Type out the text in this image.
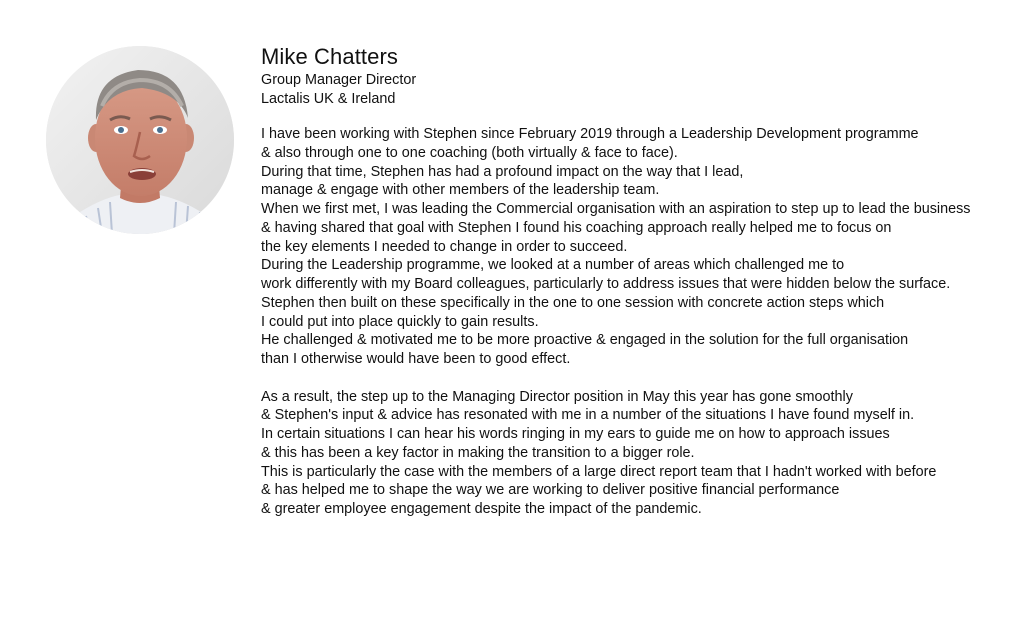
Mike Chatters
Group Manager Director
Lactalis UK & Ireland
I have been working with Stephen since February 2019 through a Leadership Development programme
& also through one to one coaching (both virtually & face to face).
During that time, Stephen has had a profound impact on the way that I lead,
manage & engage with other members of the leadership team.
When we first met, I was leading the Commercial organisation with an aspiration to step up to lead the business
& having shared that goal with Stephen I found his coaching approach really helped me to focus on
the key elements I needed to change in order to succeed.
During the Leadership programme, we looked at a number of areas which challenged me to
work differently with my Board colleagues, particularly to address issues that were hidden below the surface.
Stephen then built on these specifically in the one to one session with concrete action steps which
I could put into place quickly to gain results.
He challenged & motivated me to be more proactive & engaged in the solution for the full organisation
than I otherwise would have been to good effect.
As a result, the step up to the Managing Director position in May this year has gone smoothly
& Stephen's input & advice has resonated with me in a number of the situations I have found myself in.
In certain situations I can hear his words ringing in my ears to guide me on how to approach issues
& this has been a key factor in making the transition to a bigger role.
This is particularly the case with the members of a large direct report team that I hadn't worked with before
& has helped me to shape the way we are working to deliver positive financial performance
& greater employee engagement despite the impact of the pandemic.
